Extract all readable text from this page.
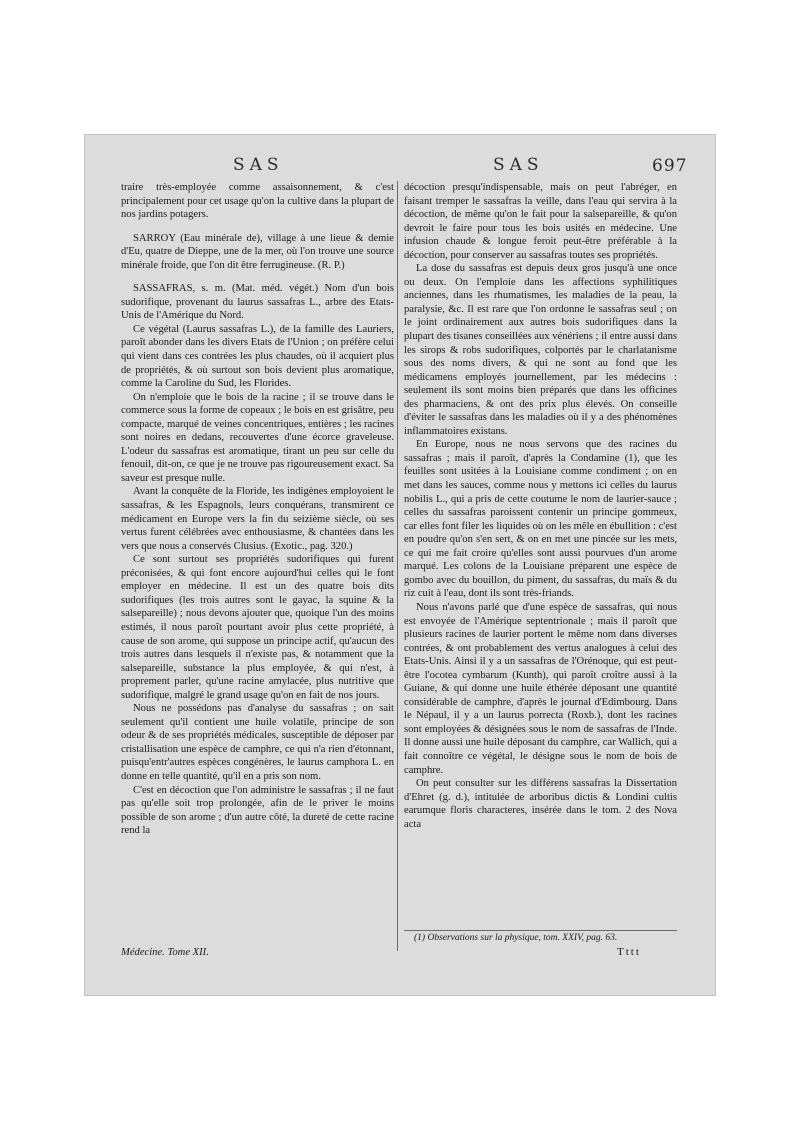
SAS	SAS	697

traire très-employée comme assaisonnement, & c'est principalement pour cet usage qu'on la cultive dans la plupart de nos jardins potagers.

SARROY (Eau minérale de), village à une lieue & demie d'Eu, quatre de Dieppe, une de la mer, où l'on trouve une source minérale froide, que l'on dit être ferrugineuse. (R. P.)

SASSAFRAS, s. m. (Mat. méd. végét.) Nom d'un bois sudorifique, provenant du laurus sassafras L., arbre des Etats-Unis de l'Amérique du Nord.

Ce végétal (Laurus sassafras L.), de la famille des Lauriers, paroît abonder dans les divers Etats de l'Union ; on préfère celui qui vient dans ces contrées les plus chaudes, où il acquiert plus de propriétés, & où surtout son bois devient plus aromatique, comme la Caroline du Sud, les Florides.

On n'emploie que le bois de la racine ; il se trouve dans le commerce sous la forme de copeaux ; le bois en est grisâtre, peu compacte, marqué de veines concentriques, entières ; les racines sont noires en dedans, recouvertes d'une écorce graveleuse. L'odeur du sassafras est aromatique, tirant un peu sur celle du fenouil, dit-on, ce que je ne trouve pas rigoureusement exact. Sa saveur est presque nulle.

Avant la conquête de la Floride, les indigènes employoient le sassafras, & les Espagnols, leurs conquérans, transmirent ce médicament en Europe vers la fin du seizième siècle, où ses vertus furent célébrées avec enthousiasme, & chantées dans les vers que nous a conservés Clusius. (Exotic., pag. 320.)

Ce sont surtout ses propriétés sudorifiques qui furent préconisées, & qui font encore aujourd'hui celles qui le font employer en médecine. Il est un des quatre bois dits sudorifiques (les trois autres sont le gayac, la squine & la salsepareille) ; nous devons ajouter que, quoique l'un des moins estimés, il nous paroît pourtant avoir plus cette propriété, à cause de son arome, qui suppose un principe actif, qu'aucun des trois autres dans lesquels il n'existe pas, & notamment que la salsepareille, substance la plus employée, & qui n'est, à proprement parler, qu'une racine amylacée, plus nutritive que sudorifique, malgré le grand usage qu'on en fait de nos jours.

Nous ne possédons pas d'analyse du sassafras ; on sait seulement qu'il contient une huile volatile, principe de son odeur & de ses propriétés médicales, susceptible de déposer par cristallisation une espèce de camphre, ce qui n'a rien d'étonnant, puisqu'entr'autres espèces congénères, le laurus camphora L. en donne en telle quantité, qu'il en a pris son nom.

C'est en décoction que l'on administre le sassafras ; il ne faut pas qu'elle soit trop prolongée, afin de le priver le moins possible de son arome ; d'un autre côté, la dureté de cette racine rend la

décoction presqu'indispensable, mais on peut l'abréger, en faisant tremper le sassafras la veille, dans l'eau qui servira à la décoction, de même qu'on le fait pour la salsepareille, & qu'on devroit le faire pour tous les bois usités en médecine. Une infusion chaude & longue feroit peut-être préférable à la décoction, pour conserver au sassafras toutes ses propriétés.

La dose du sassafras est depuis deux gros jusqu'à une once ou deux. On l'emploie dans les affections syphilitiques anciennes, dans les rhumatismes, les maladies de la peau, la paralysie, &c. Il est rare que l'on ordonne le sassafras seul ; on le joint ordinairement aux autres bois sudorifiques dans la plupart des tisanes conseillées aux vénériens ; il entre aussi dans les sirops & robs sudorifiques, colportés par le charlatanisme sous des noms divers, & qui ne sont au fond que les médicamens employés journellement, par les médecins : seulement ils sont moins bien préparés que dans les officines des pharmaciens, & ont des prix plus élevés. On conseille d'éviter le sassafras dans les maladies où il y a des phénomènes inflammatoires existans.

En Europe, nous ne nous servons que des racines du sassafras ; mais il paroît, d'après la Condamine (1), que les feuilles sont usitées à la Louisiane comme condiment ; on en met dans les sauces, comme nous y mettons ici celles du laurus nobilis L., qui a pris de cette coutume le nom de laurier-sauce ; celles du sassafras paroissent contenir un principe gommeux, car elles font filer les liquides où on les mêle en ébullition : c'est en poudre qu'on s'en sert, & on en met une pincée sur les mets, ce qui me fait croire qu'elles sont aussi pourvues d'un arome marqué. Les colons de la Louisiane préparent une espèce de gombo avec du bouillon, du piment, du sassafras, du maïs & du riz cuit à l'eau, dont ils sont très-friands.

Nous n'avons parlé que d'une espèce de sassafras, qui nous est envoyée de l'Amérique septentrionale ; mais il paroît que plusieurs racines de laurier portent le même nom dans diverses contrées, & ont probablement des vertus analogues à celui des Etats-Unis. Ainsi il y a un sassafras de l'Orénoque, qui est peut-être l'ocotea cymbarum (Kunth), qui paroît croître aussi à la Guiane, & qui donne une huile éthérée déposant une quantité considérable de camphre, d'après le journal d'Edimbourg. Dans le Népaul, il y a un laurus porrecta (Roxb.), dont les racines sont employées & désignées sous le nom de sassafras de l'Inde. Il donne aussi une huile déposant du camphre, car Wallich, qui a fait connoître ce végétal, le désigne sous le nom de bois de camphre.

On peut consulter sur les différens sassafras la Dissertation d'Ehret (g. d.), intitulée de arboribus dictis & Londini cultis earumque floris characteres, insérée dans le tom. 2 des Nova acta

(1) Observations sur la physique, tom. XXIV, pag. 63.
Médecine. Tome XII.	Tttt
